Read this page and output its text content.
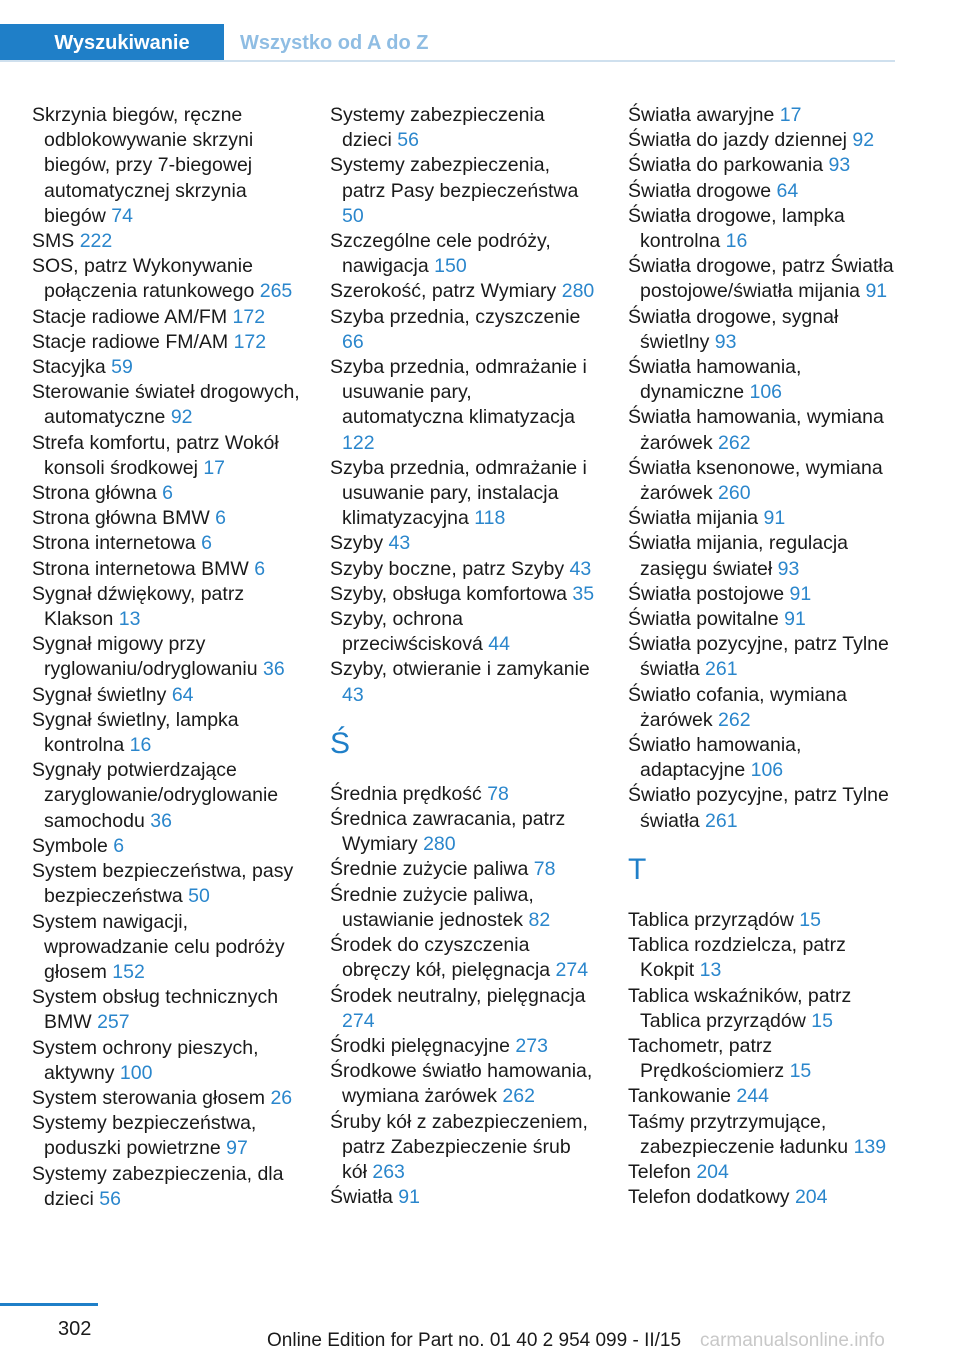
Wyszukiwanie	Wszystko od A do Z
Skrzynia biegów, ręczne odblokowywanie skrzyni biegów, przy 7-biegowej automatycznej skrzynia biegów 74
SMS 222
SOS, patrz Wykonywanie połączenia ratunkowego 265
Stacje radiowe AM/FM 172
Stacje radiowe FM/AM 172
Stacyjka 59
Sterowanie świateł drogowych, automatyczne 92
Strefa komfortu, patrz Wokół konsoli środkowej 17
Strona główna 6
Strona główna BMW 6
Strona internetowa 6
Strona internetowa BMW 6
Sygnał dźwiękowy, patrz Klakson 13
Sygnał migowy przy ryglowaniu/odryglowaniu 36
Sygnał świetlny 64
Sygnał świetlny, lampka kontrolna 16
Sygnały potwierdzające zaryglowanie/odryglowanie samochodu 36
Symbole 6
System bezpieczeństwa, pasy bezpieczeństwa 50
System nawigacji, wprowadzanie celu podróży głosem 152
System obsług technicznych BMW 257
System ochrony pieszych, aktywny 100
System sterowania głosem 26
Systemy bezpieczeństwa, poduszki powietrzne 97
Systemy zabezpieczenia, dla dzieci 56
Systemy zabezpieczenia dzieci 56
Systemy zabezpieczenia, patrz Pasy bezpieczeństwa 50
Szczególne cele podróży, nawigacja 150
Szerokość, patrz Wymiary 280
Szyba przednia, czyszczenie 66
Szyba przednia, odmrażanie i usuwanie pary, automatyczna klimatyzacja 122
Szyba przednia, odmrażanie i usuwanie pary, instalacja klimatyzacyjna 118
Szyby 43
Szyby boczne, patrz Szyby 43
Szyby, obsługa komfortowa 35
Szyby, ochrona przeciwścisková 44
Szyby, otwieranie i zamykanie 43
Ś
Średnia prędkość 78
Średnica zawracania, patrz Wymiary 280
Średnie zużycie paliwa 78
Średnie zużycie paliwa, ustawianie jednostek 82
Środek do czyszczenia obręczy kół, pielęgnacja 274
Środek neutralny, pielęgnacja 274
Środki pielęgnacyjne 273
Środkowe światło hamowania, wymiana żarówek 262
Śruby kół z zabezpieczeniem, patrz Zabezpieczenie śrub kół 263
Światła 91
Światła awaryjne 17
Światła do jazdy dziennej 92
Światła do parkowania 93
Światła drogowe 64
Światła drogowe, lampka kontrolna 16
Światła drogowe, patrz Światła postojowe/światła mijania 91
Światła drogowe, sygnał świetlny 93
Światła hamowania, dynamiczne 106
Światła hamowania, wymiana żarówek 262
Światła ksenonowe, wymiana żarówek 260
Światła mijania 91
Światła mijania, regulacja zasięgu świateł 93
Światła postojowe 91
Światła powitalne 91
Światła pozycyjne, patrz Tylne światła 261
Światło cofania, wymiana żarówek 262
Światło hamowania, adaptacyjne 106
Światło pozycyjne, patrz Tylne światła 261
T
Tablica przyrządów 15
Tablica rozdzielcza, patrz Kokpit 13
Tablica wskaźników, patrz Tablica przyrządów 15
Tachometr, patrz Prędkościomierz 15
Tankowanie 244
Taśmy przytrzymujące, zabezpieczenie ładunku 139
Telefon 204
Telefon dodatkowy 204
302
Online Edition for Part no. 01 40 2 954 099 - II/15 carmanualsonline.info
